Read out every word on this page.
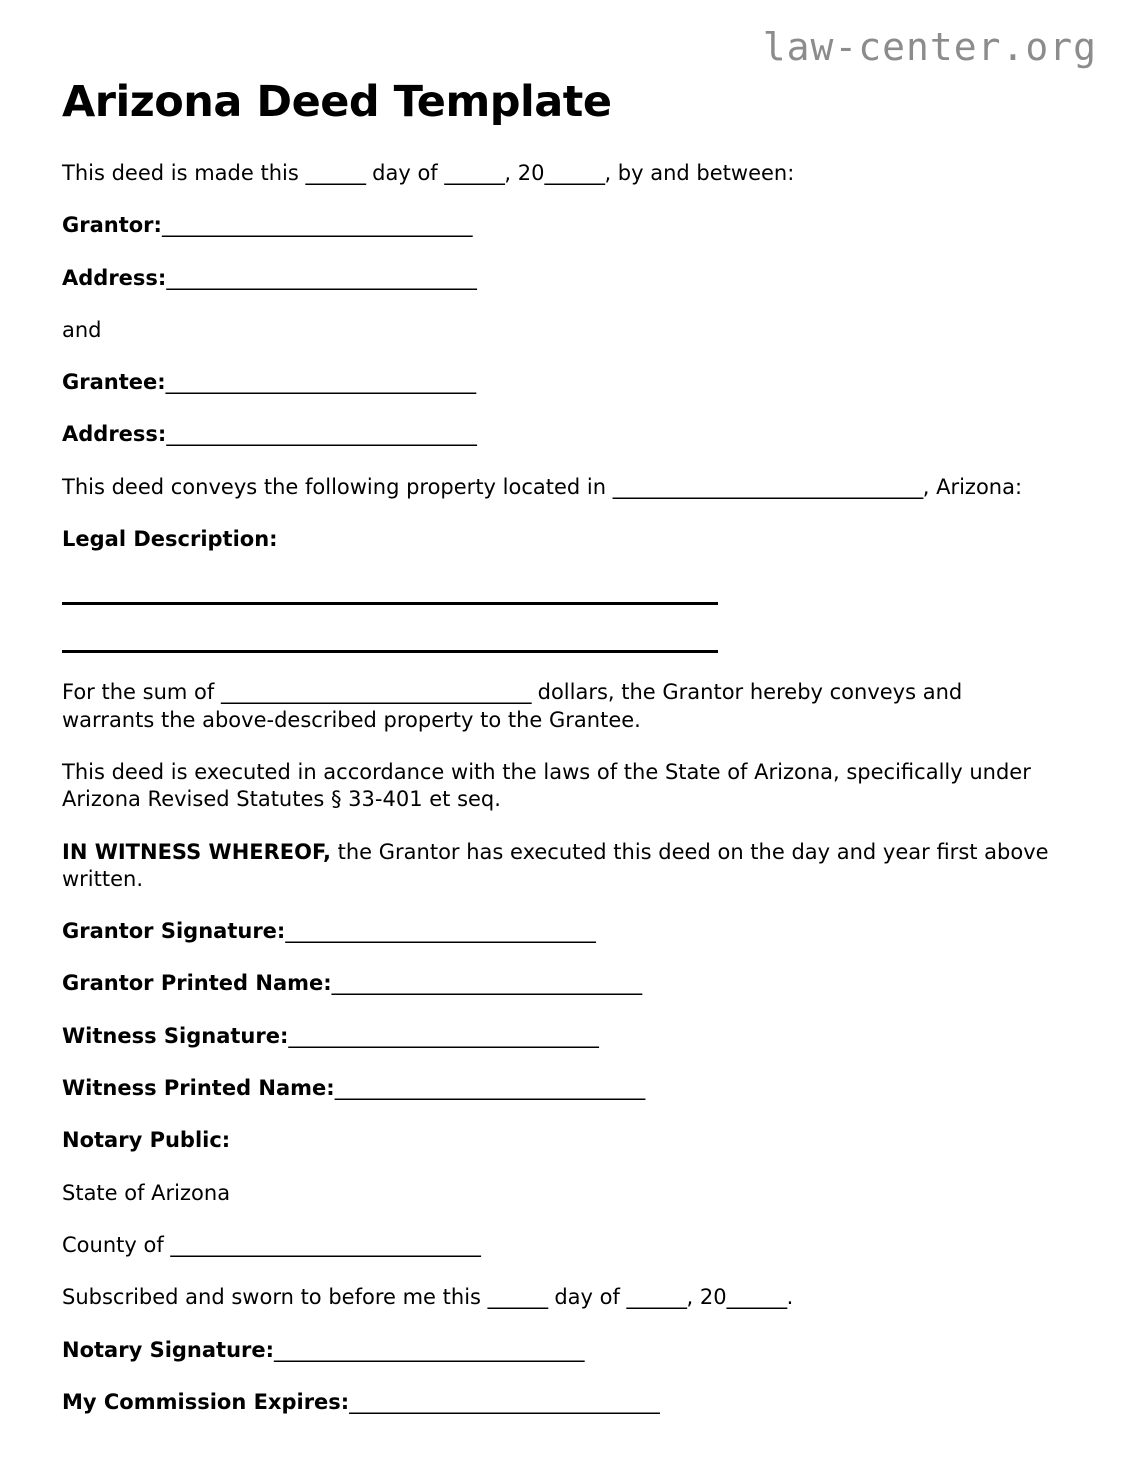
law-center.org
Arizona Deed Template

This deed is made this ______ day of ______, 20______, by and between:

Grantor:_______________________________

Address:_______________________________

and

Grantee:_______________________________

Address:_______________________________

This deed conveys the following property located in _______________________________, Arizona:

Legal Description:

For the sum of _______________________________ dollars, the Grantor hereby conveys and warrants the above-described property to the Grantee.

This deed is executed in accordance with the laws of the State of Arizona, specifically under Arizona Revised Statutes § 33-401 et seq.

IN WITNESS WHEREOF, the Grantor has executed this deed on the day and year first above written.

Grantor Signature:_______________________________

Grantor Printed Name:_______________________________

Witness Signature:_______________________________

Witness Printed Name:_______________________________

Notary Public:

State of Arizona

County of _______________________________

Subscribed and sworn to before me this ______ day of ______, 20______.

Notary Signature:_______________________________

My Commission Expires:_______________________________
